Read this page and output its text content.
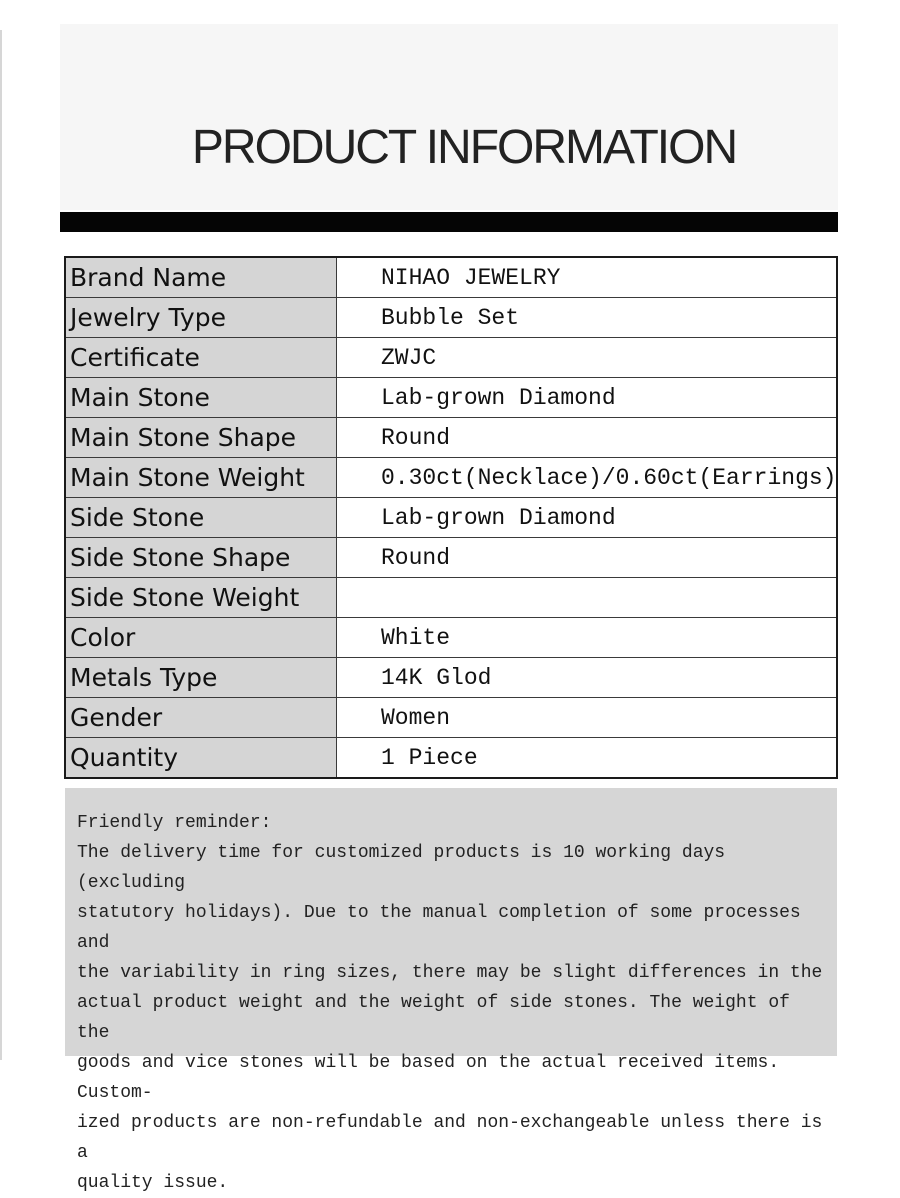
PRODUCT INFORMATION
Brand Name	NIHAO JEWELRY
Jewelry Type	Bubble Set
Certificate	ZWJC
Main Stone	Lab-grown Diamond
Main Stone Shape	Round
Main Stone Weight	0.30ct(Necklace)/0.60ct(Earrings)
Side Stone	Lab-grown Diamond
Side Stone Shape	Round
Side Stone Weight	
Color	White
Metals Type	14K Glod
Gender	Women
Quantity	1 Piece

Friendly reminder:

The delivery time for customized products is 10 working days (excluding

statutory holidays). Due to the manual completion of some processes and

the variability in ring sizes, there may be slight differences in the

actual product weight and the weight of side stones. The weight of the

goods and vice stones will be based on the actual received items. Custom-

ized products are non-refundable and non-exchangeable unless there is a

quality issue.
